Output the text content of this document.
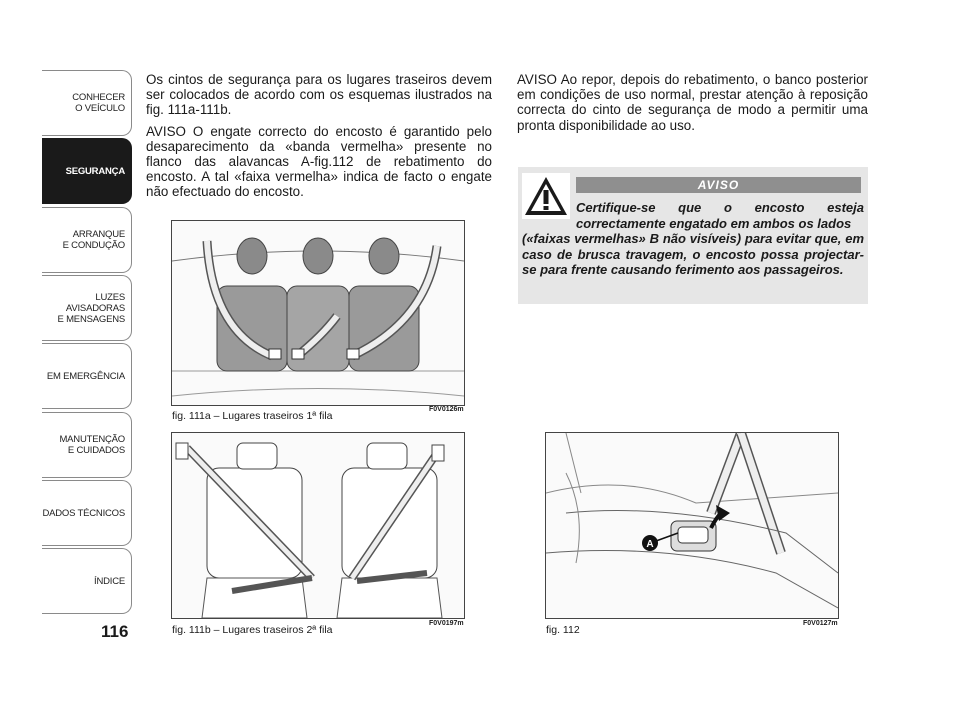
CONHECER
O VEÍCULO
SEGURANÇA
ARRANQUE
E CONDUÇÃO
LUZES AVISADORAS
E MENSAGENS
EM EMERGÊNCIA
MANUTENÇÃO
E CUIDADOS
DADOS TÉCNICOS
ÍNDICE
116

Os cintos de segurança para os lugares traseiros devem ser colocados de acordo com os esquemas ilustrados na fig. 111a-111b.

AVISO O engate correcto do encosto é garantido pelo desaparecimento da «banda vermelha» presente no flanco das alavancas A-fig.112 de rebatimento do encosto. A tal «faixa vermelha» indica de facto o engate não efectuado do encosto.

AVISO Ao repor, depois do rebatimento, o banco posterior em condições de uso normal, prestar atenção à reposição correcta do cinto de segurança de modo a permitir uma pronta disponibilidade ao uso.

AVISO
Certifique-se que o encosto esteja correctamente engatado em ambos os lados
(«faixas vermelhas» B não visíveis) para evitar que, em caso de brusca travagem, o encosto possa projectar-se para frente causando ferimento aos passageiros.
fig. 111a – Lugares traseiros 1ª fila
F0V0126m
fig. 111b – Lugares traseiros 2ª fila
F0V0197m
A
fig. 112
F0V0127m
